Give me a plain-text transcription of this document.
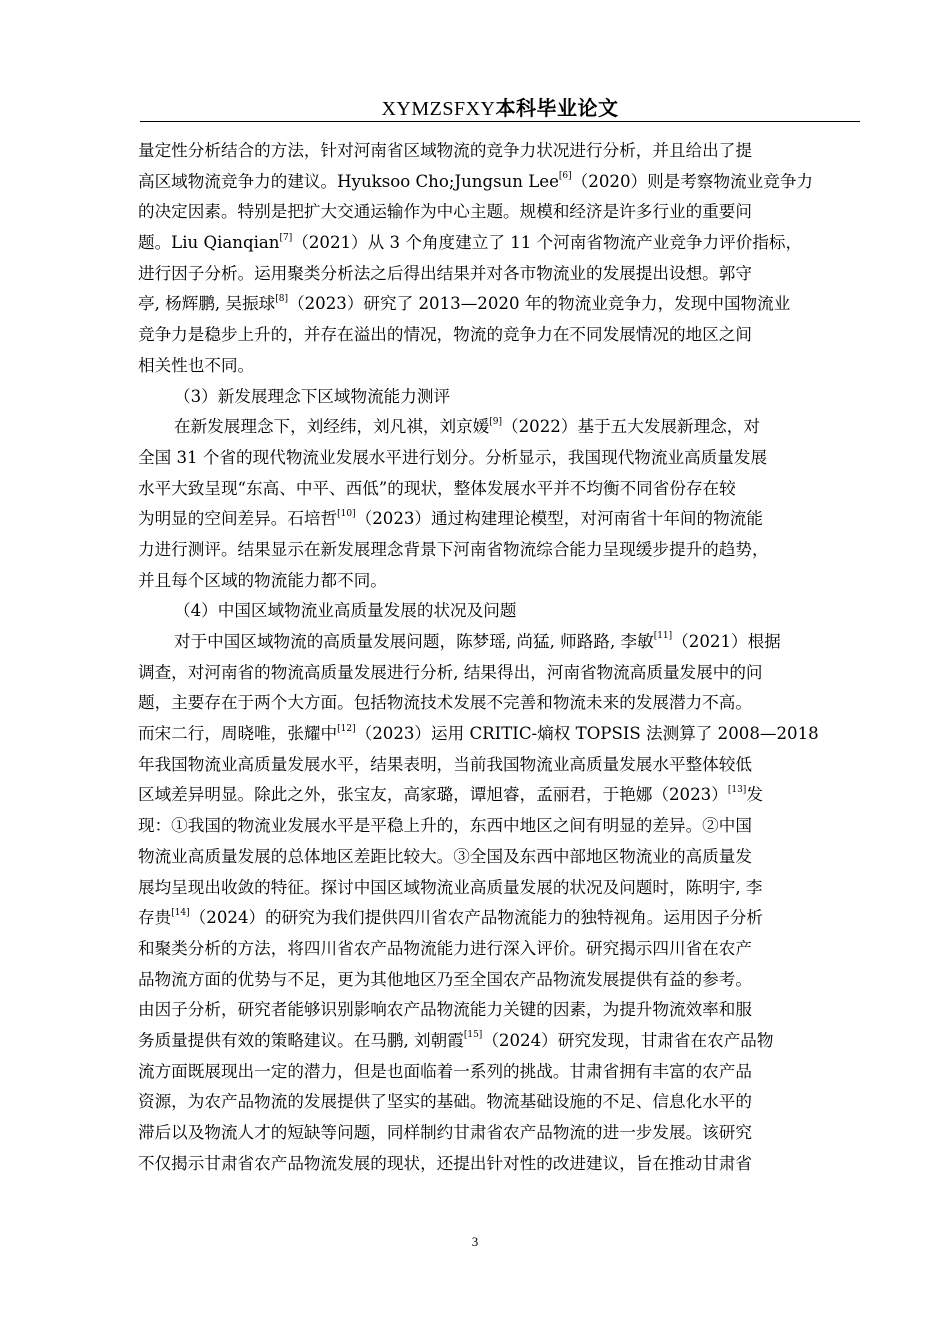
XYMZSFXY本科毕业论文
量定性分析结合的方法，针对河南省区域物流的竞争力状况进行分析，并且给出了提
高区域物流竞争力的建议。Hyuksoo Cho;Jungsun Lee[6]（2020）则是考察物流业竞争力
的决定因素。特别是把扩大交通运输作为中心主题。规模和经济是许多行业的重要问
题。Liu Qianqian[7]（2021）从 3 个角度建立了 11 个河南省物流产业竞争力评价指标，
进行因子分析。运用聚类分析法之后得出结果并对各市物流业的发展提出设想。郭守
亭, 杨辉鹏, 吴振球[8]（2023）研究了 2013—2020 年的物流业竞争力，发现中国物流业
竞争力是稳步上升的，并存在溢出的情况，物流的竞争力在不同发展情况的地区之间
相关性也不同。
（3）新发展理念下区域物流能力测评
在新发展理念下，刘经纬，刘凡祺，刘京媛[9]（2022）基于五大发展新理念，对
全国 31 个省的现代物流业发展水平进行划分。分析显示，我国现代物流业高质量发展
水平大致呈现“东高、中平、西低”的现状，整体发展水平并不均衡不同省份存在较
为明显的空间差异。石培哲[10]（2023）通过构建理论模型，对河南省十年间的物流能
力进行测评。结果显示在新发展理念背景下河南省物流综合能力呈现缓步提升的趋势，
并且每个区域的物流能力都不同。
（4）中国区域物流业高质量发展的状况及问题
对于中国区域物流的高质量发展问题，陈梦瑶, 尚猛, 师路路, 李敏[11]（2021）根据
调查，对河南省的物流高质量发展进行分析, 结果得出，河南省物流高质量发展中的问
题，主要存在于两个大方面。包括物流技术发展不完善和物流未来的发展潜力不高。
而宋二行，周晓唯，张耀中[12]（2023）运用 CRITIC-熵权 TOPSIS 法测算了 2008—2018
年我国物流业高质量发展水平，结果表明，当前我国物流业高质量发展水平整体较低
区域差异明显。除此之外，张宝友，高家璐，谭旭睿，孟丽君，于艳娜（2023）[13]发
现：①我国的物流业发展水平是平稳上升的，东西中地区之间有明显的差异。②中国
物流业高质量发展的总体地区差距比较大。③全国及东西中部地区物流业的高质量发
展均呈现出收敛的特征。探讨中国区域物流业高质量发展的状况及问题时，陈明宇, 李
存贵[14]（2024）的研究为我们提供四川省农产品物流能力的独特视角。运用因子分析
和聚类分析的方法，将四川省农产品物流能力进行深入评价。研究揭示四川省在农产
品物流方面的优势与不足，更为其他地区乃至全国农产品物流发展提供有益的参考。
由因子分析，研究者能够识别影响农产品物流能力关键的因素，为提升物流效率和服
务质量提供有效的策略建议。在马鹏, 刘朝霞[15]（2024）研究发现，甘肃省在农产品物
流方面既展现出一定的潜力，但是也面临着一系列的挑战。甘肃省拥有丰富的农产品
资源，为农产品物流的发展提供了坚实的基础。物流基础设施的不足、信息化水平的
滞后以及物流人才的短缺等问题，同样制约甘肃省农产品物流的进一步发展。该研究
不仅揭示甘肃省农产品物流发展的现状，还提出针对性的改进建议，旨在推动甘肃省
3
